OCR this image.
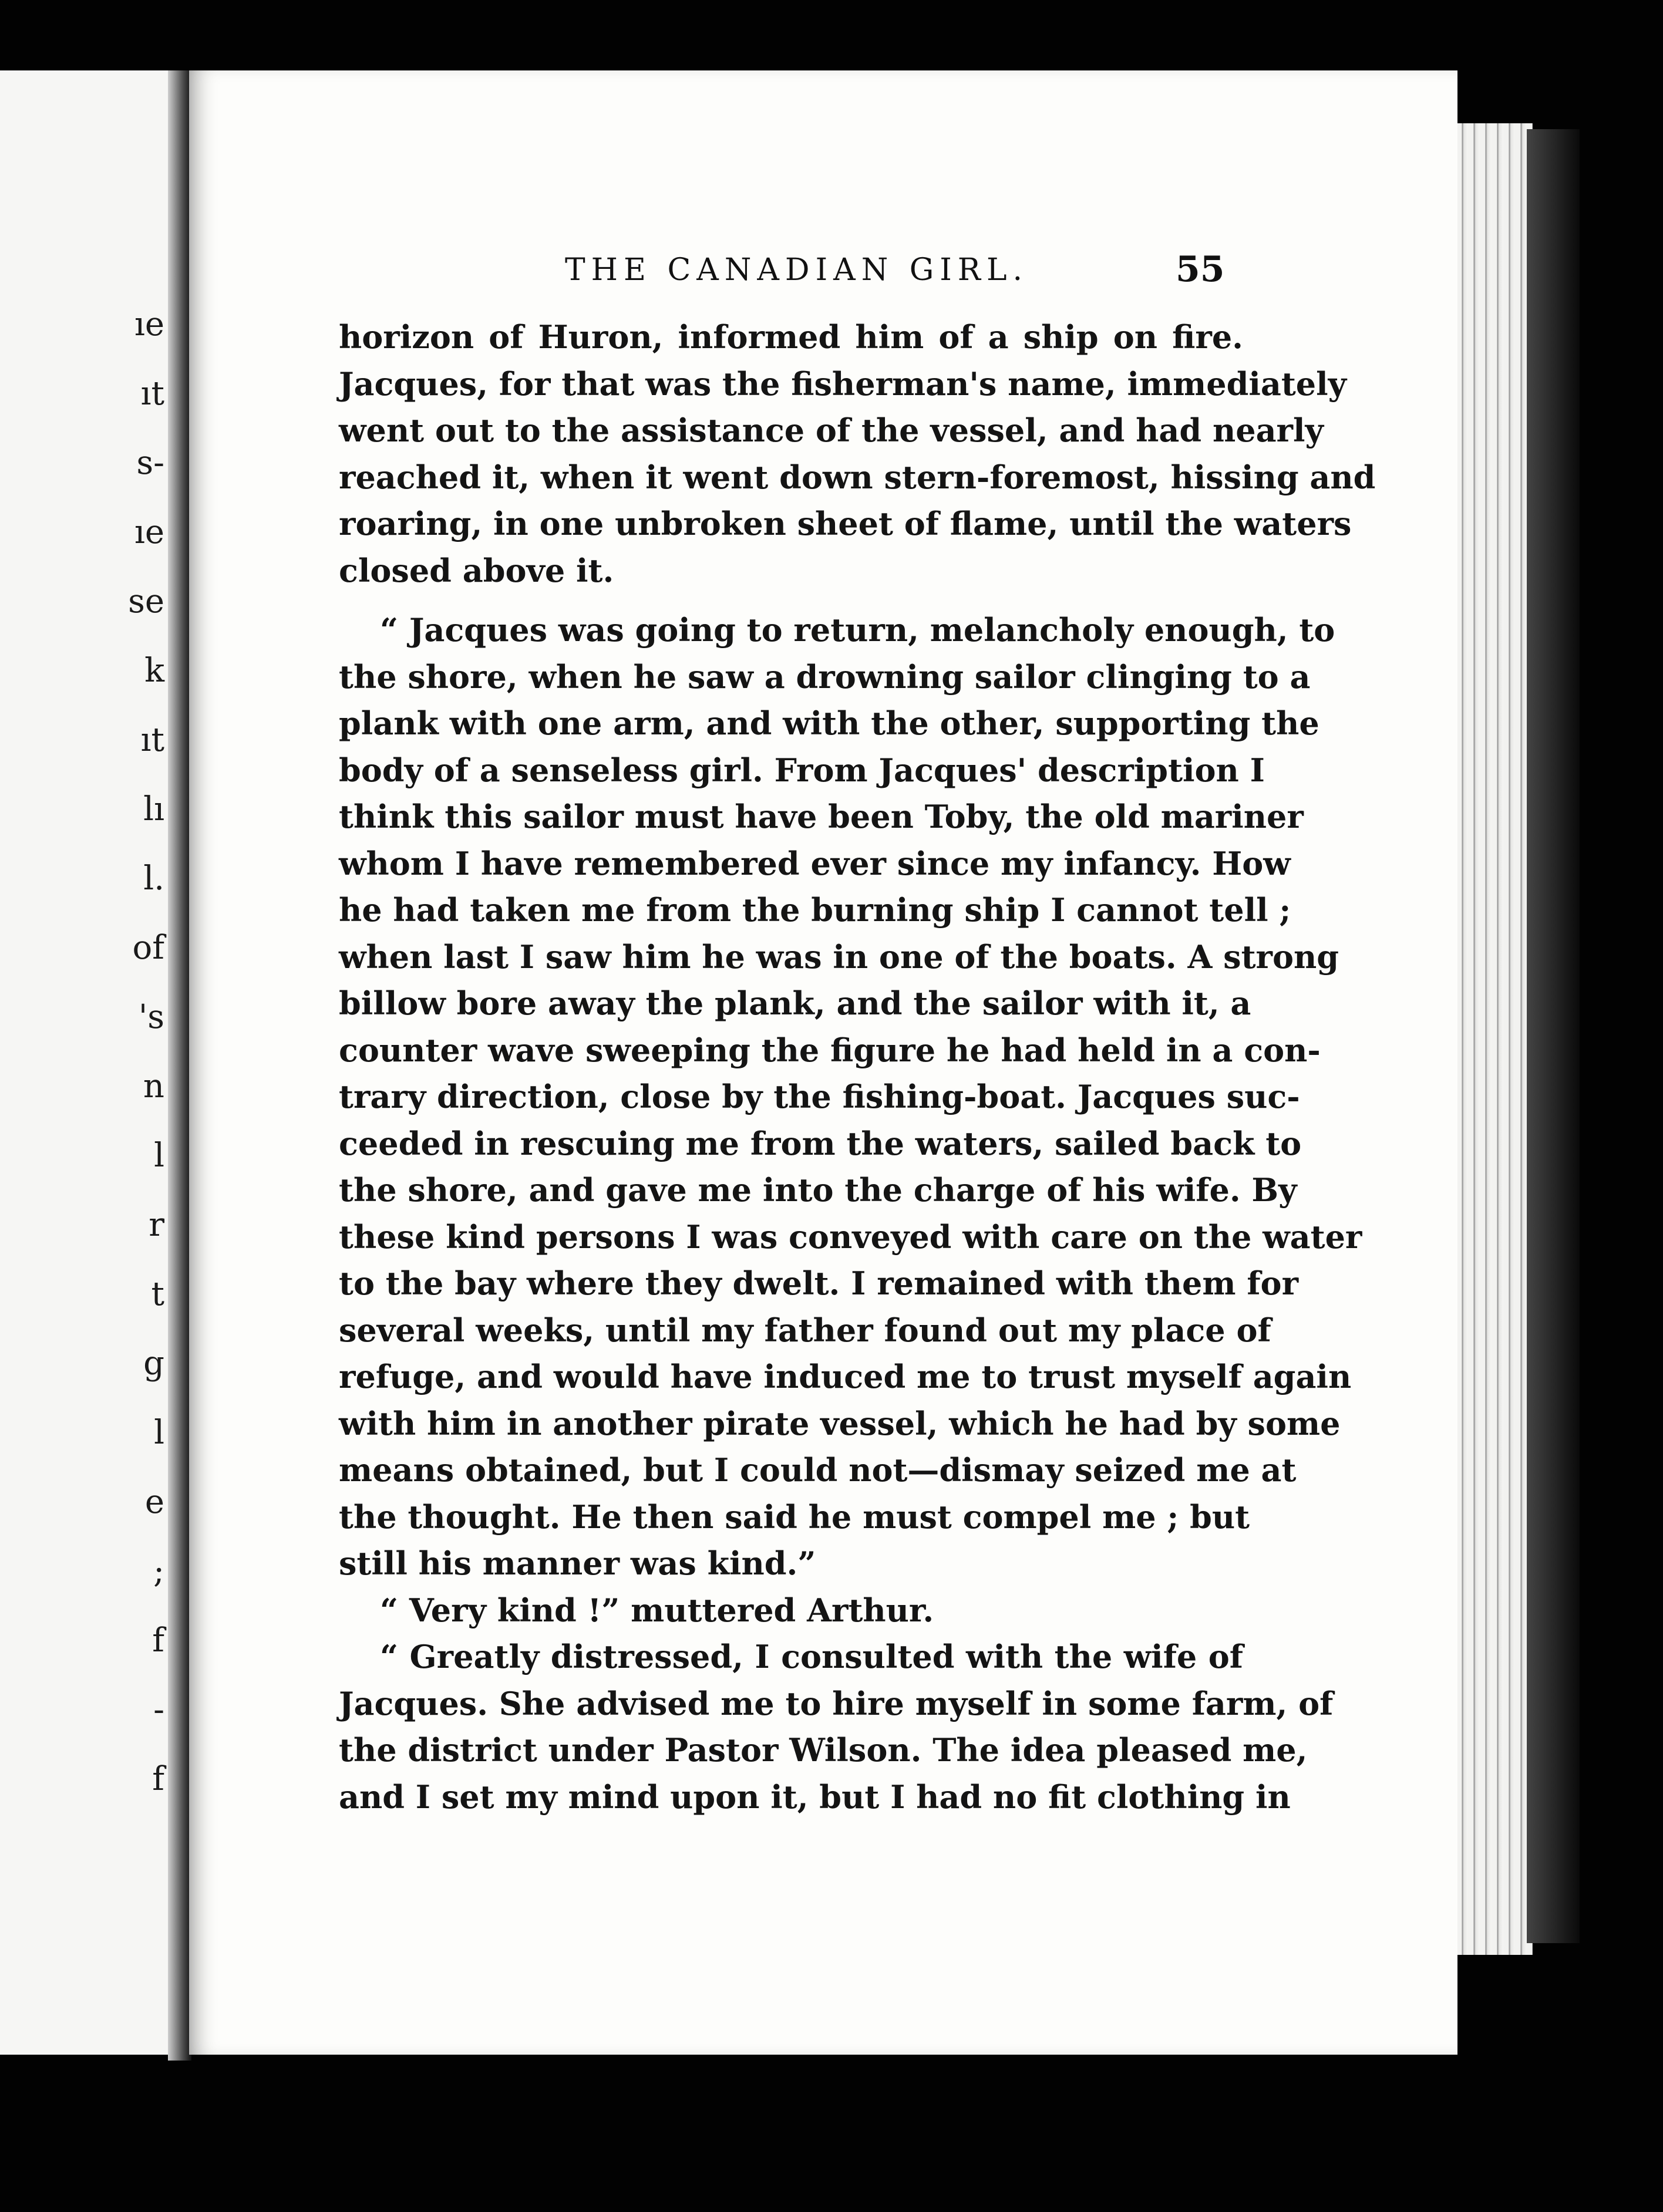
ıe
ıt
s-
ıe
se
k
ıt
lı
l.
of
's
n
l
r
t
g
l
e
;
f
-
f
THE CANADIAN GIRL.	55
horizon of Huron, informed him of a ship on fire.
Jacques, for that was the fisherman's name, immediately
went out to the assistance of the vessel, and had nearly
reached it, when it went down stern-foremost, hissing and
roaring, in one unbroken sheet of flame, until the waters
closed above it.
“ Jacques was going to return, melancholy enough, to
the shore, when he saw a drowning sailor clinging to a
plank with one arm, and with the other, supporting the
body of a senseless girl. From Jacques' description I
think this sailor must have been Toby, the old mariner
whom I have remembered ever since my infancy. How
he had taken me from the burning ship I cannot tell ;
when last I saw him he was in one of the boats. A strong
billow bore away the plank, and the sailor with it, a
counter wave sweeping the figure he had held in a con-
trary direction, close by the fishing-boat. Jacques suc-
ceeded in rescuing me from the waters, sailed back to
the shore, and gave me into the charge of his wife. By
these kind persons I was conveyed with care on the water
to the bay where they dwelt. I remained with them for
several weeks, until my father found out my place of
refuge, and would have induced me to trust myself again
with him in another pirate vessel, which he had by some
means obtained, but I could not—dismay seized me at
the thought. He then said he must compel me ; but
still his manner was kind.”
“ Very kind !” muttered Arthur.
“ Greatly distressed, I consulted with the wife of
Jacques. She advised me to hire myself in some farm, of
the district under Pastor Wilson. The idea pleased me,
and I set my mind upon it, but I had no fit clothing in
